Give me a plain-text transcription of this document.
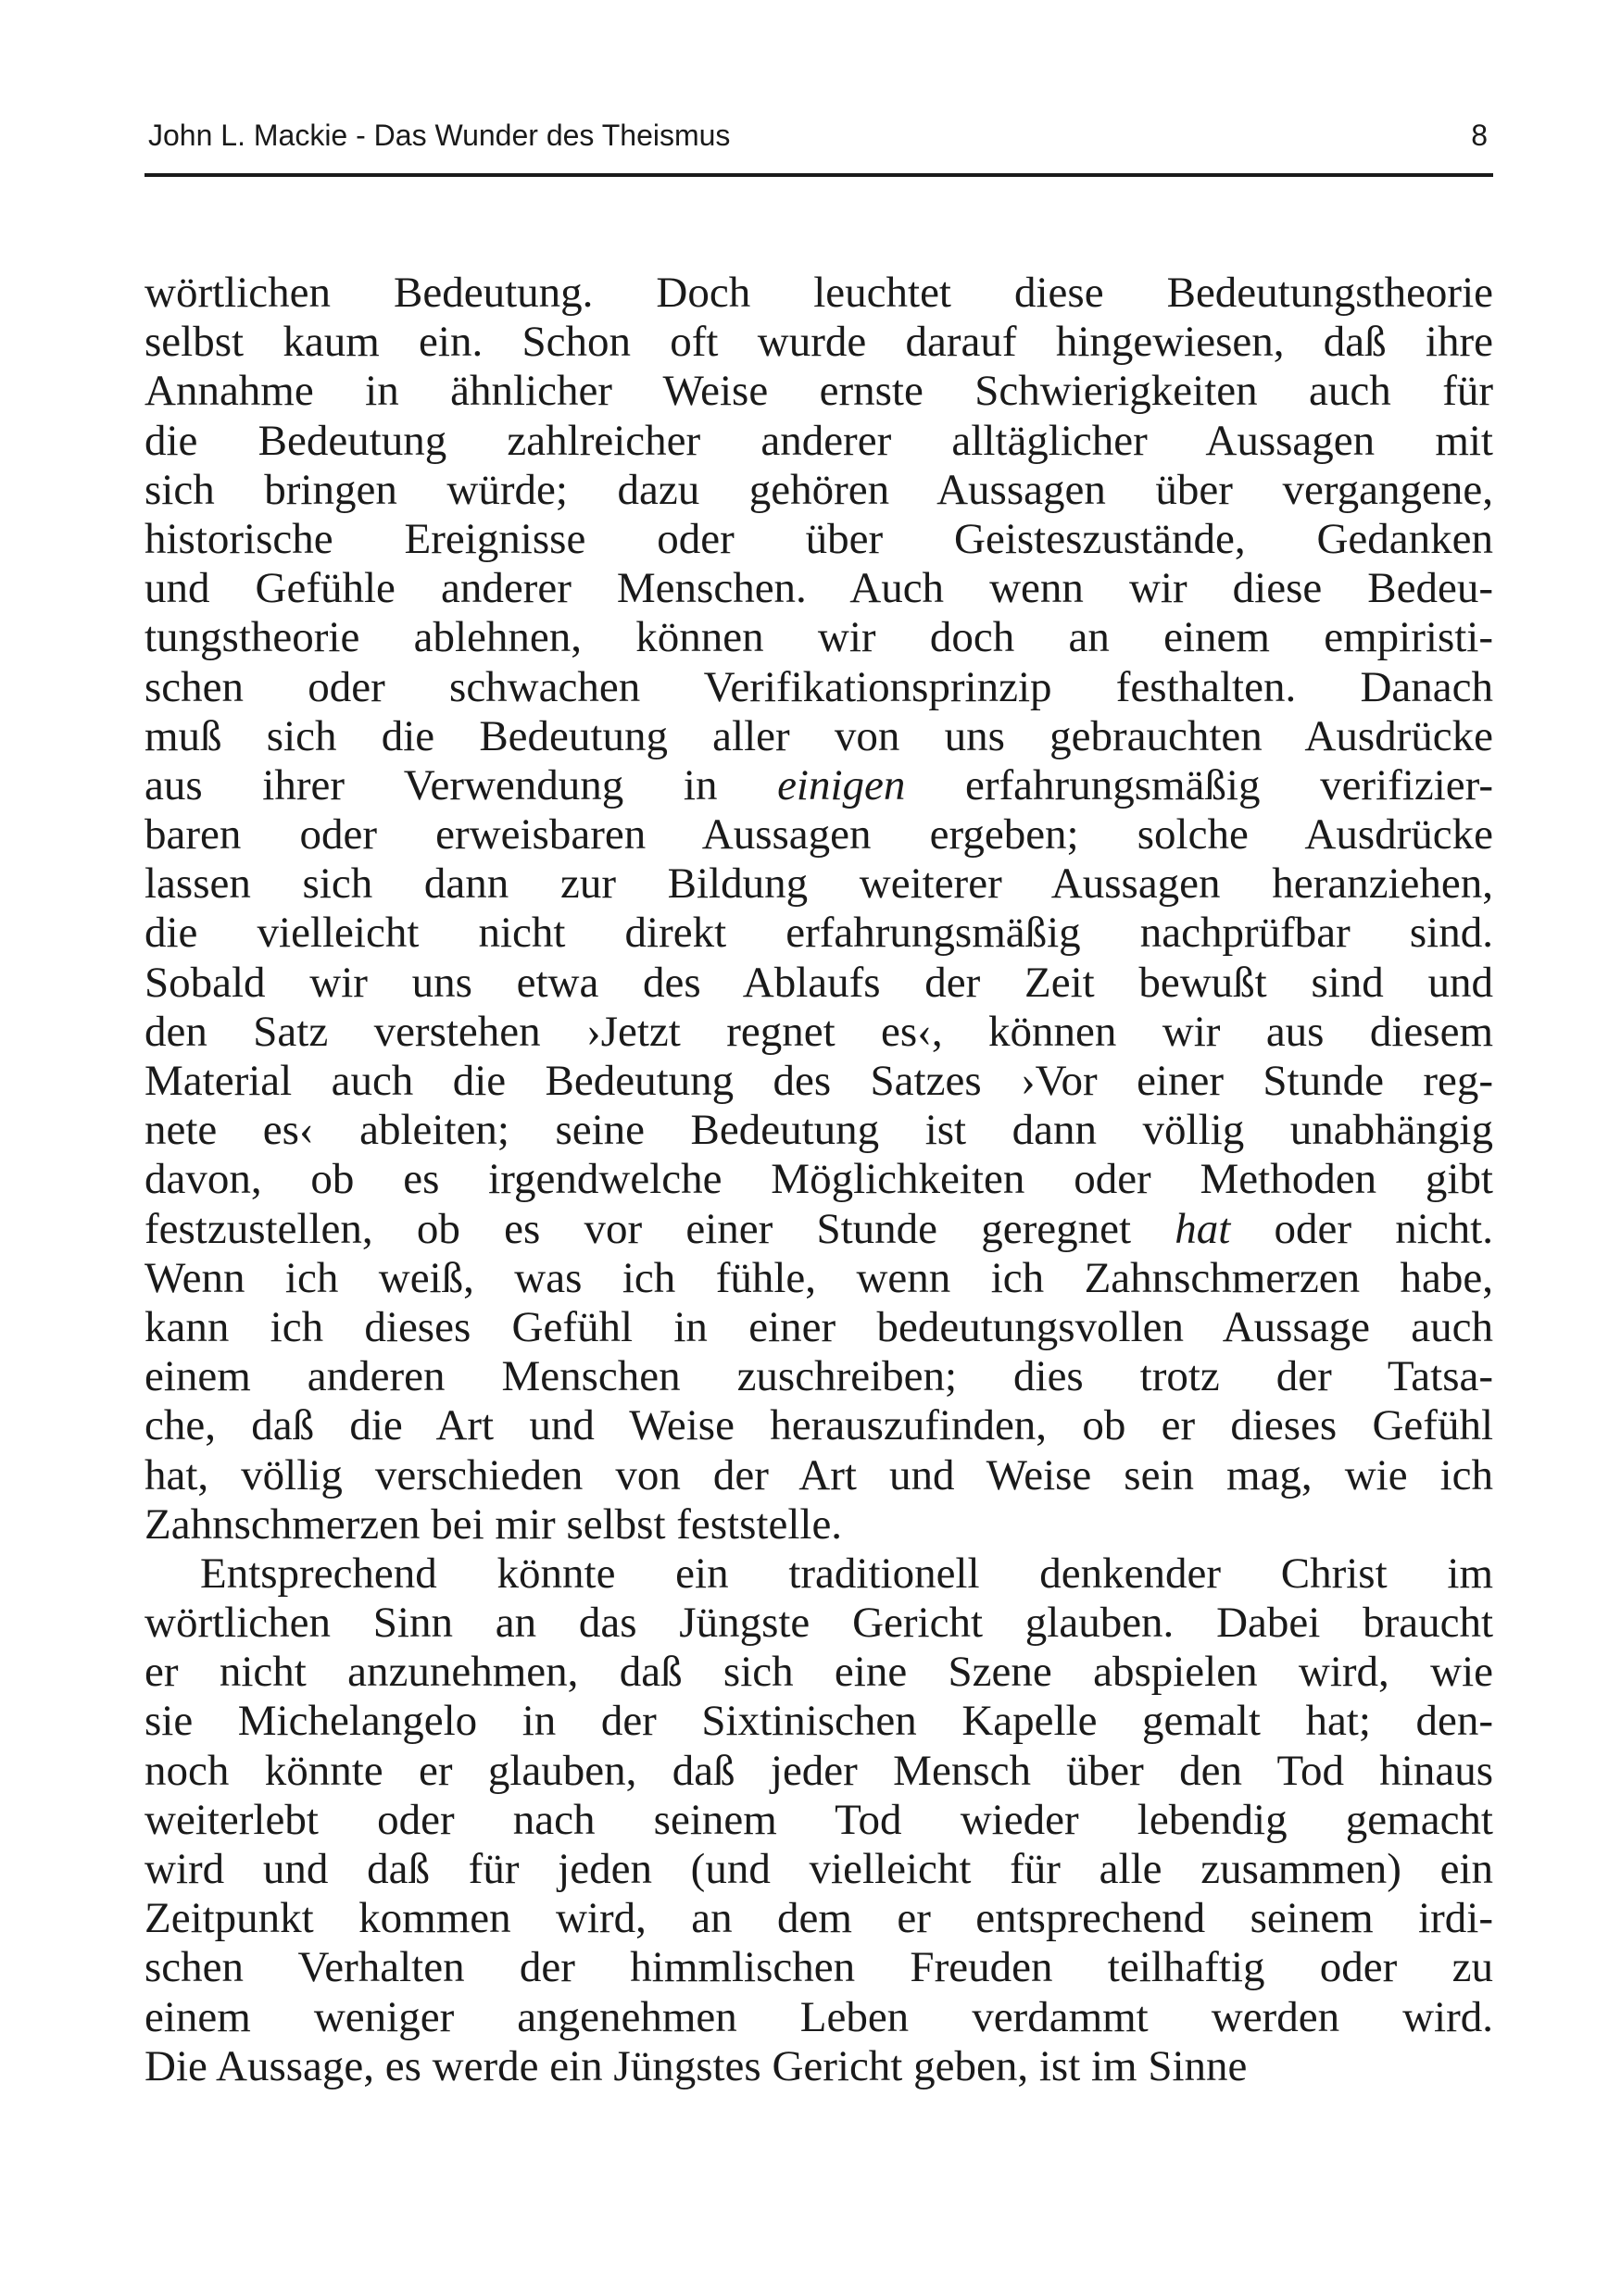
John L. Mackie - Das Wunder des Theismus	8
wörtlichen Bedeutung. Doch leuchtet diese Bedeutungstheorie
selbst kaum ein. Schon oft wurde darauf hingewiesen, daß ihre
Annahme in ähnlicher Weise ernste Schwierigkeiten auch für
die Bedeutung zahlreicher anderer alltäglicher Aussagen mit
sich bringen würde; dazu gehören Aussagen über vergangene,
historische Ereignisse oder über Geisteszustände, Gedanken
und Gefühle anderer Menschen. Auch wenn wir diese Bedeu-
tungstheorie ablehnen, können wir doch an einem empiristi-
schen oder schwachen Verifikationsprinzip festhalten. Danach
muß sich die Bedeutung aller von uns gebrauchten Ausdrücke
aus ihrer Verwendung in einigen erfahrungsmäßig verifizier-
baren oder erweisbaren Aussagen ergeben; solche Ausdrücke
lassen sich dann zur Bildung weiterer Aussagen heranziehen,
die vielleicht nicht direkt erfahrungsmäßig nachprüfbar sind.
Sobald wir uns etwa des Ablaufs der Zeit bewußt sind und
den Satz verstehen ›Jetzt regnet es‹, können wir aus diesem
Material auch die Bedeutung des Satzes ›Vor einer Stunde reg-
nete es‹ ableiten; seine Bedeutung ist dann völlig unabhängig
davon, ob es irgendwelche Möglichkeiten oder Methoden gibt
festzustellen, ob es vor einer Stunde geregnet hat oder nicht.
Wenn ich weiß, was ich fühle, wenn ich Zahnschmerzen habe,
kann ich dieses Gefühl in einer bedeutungsvollen Aussage auch
einem anderen Menschen zuschreiben; dies trotz der Tatsa-
che, daß die Art und Weise herauszufinden, ob er dieses Gefühl
hat, völlig verschieden von der Art und Weise sein mag, wie ich
Zahnschmerzen bei mir selbst feststelle.
Entsprechend könnte ein traditionell denkender Christ im
wörtlichen Sinn an das Jüngste Gericht glauben. Dabei braucht
er nicht anzunehmen, daß sich eine Szene abspielen wird, wie
sie Michelangelo in der Sixtinischen Kapelle gemalt hat; den-
noch könnte er glauben, daß jeder Mensch über den Tod hinaus
weiterlebt oder nach seinem Tod wieder lebendig gemacht
wird und daß für jeden (und vielleicht für alle zusammen) ein
Zeitpunkt kommen wird, an dem er entsprechend seinem irdi-
schen Verhalten der himmlischen Freuden teilhaftig oder zu
einem weniger angenehmen Leben verdammt werden wird.
Die Aussage, es werde ein Jüngstes Gericht geben, ist im Sinne
